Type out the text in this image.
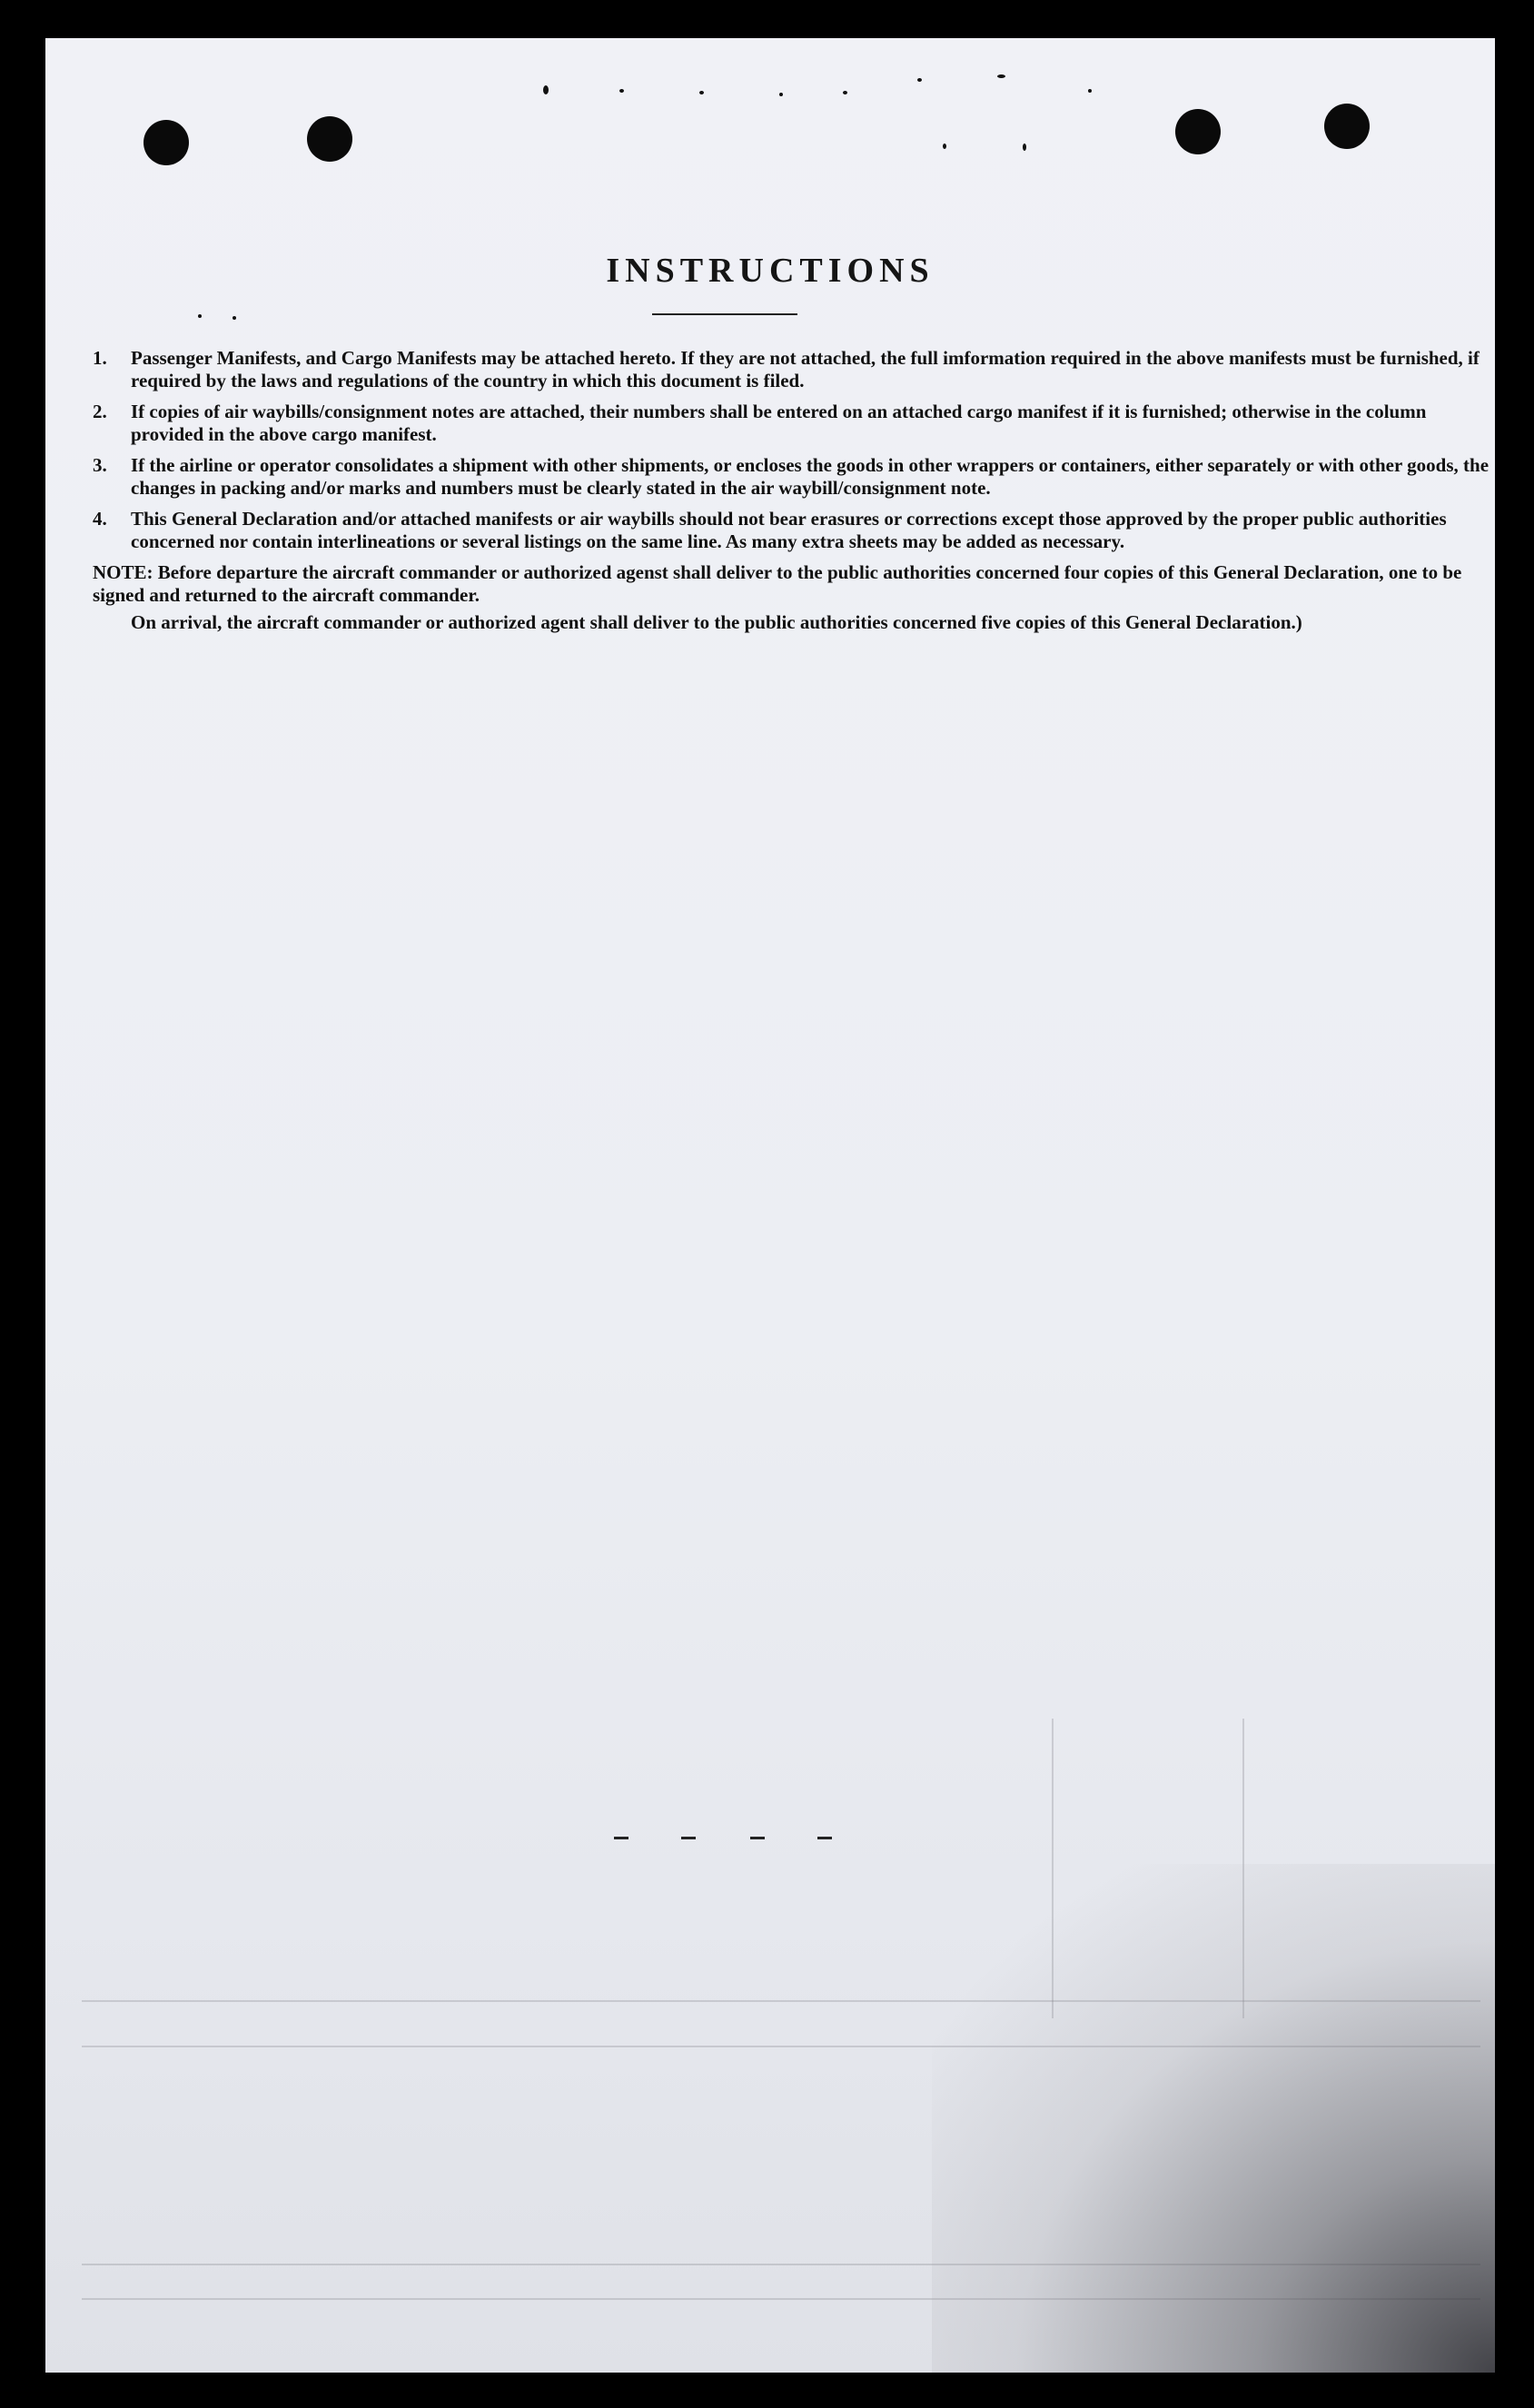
INSTRUCTIONS
1. Passenger Manifests, and Cargo Manifests may be attached hereto. If they are not attached, the full imformation required in the above manifests must be furnished, if required by the laws and regulations of the country in which this document is filed.
2. If copies of air waybills/consignment notes are attached, their numbers shall be entered on an attached cargo manifest if it is furnished; otherwise in the column provided in the above cargo manifest.
3. If the airline or operator consolidates a shipment with other shipments, or encloses the goods in other wrappers or containers, either separately or with other goods, the changes in packing and/or marks and numbers must be clearly stated in the air waybill/consignment note.
4. This General Declaration and/or attached manifests or air waybills should not bear erasures or corrections except those approved by the proper public authorities concerned nor contain interlineations or several listings on the same line. As many extra sheets may be added as necessary.
NOTE: Before departure the aircraft commander or authorized agenst shall deliver to the public authorities concerned four copies of this General Declaration, one to be signed and returned to the aircraft commander.
On arrival, the aircraft commander or authorized agent shall deliver to the public authorities concerned five copies of this General Declaration.)
